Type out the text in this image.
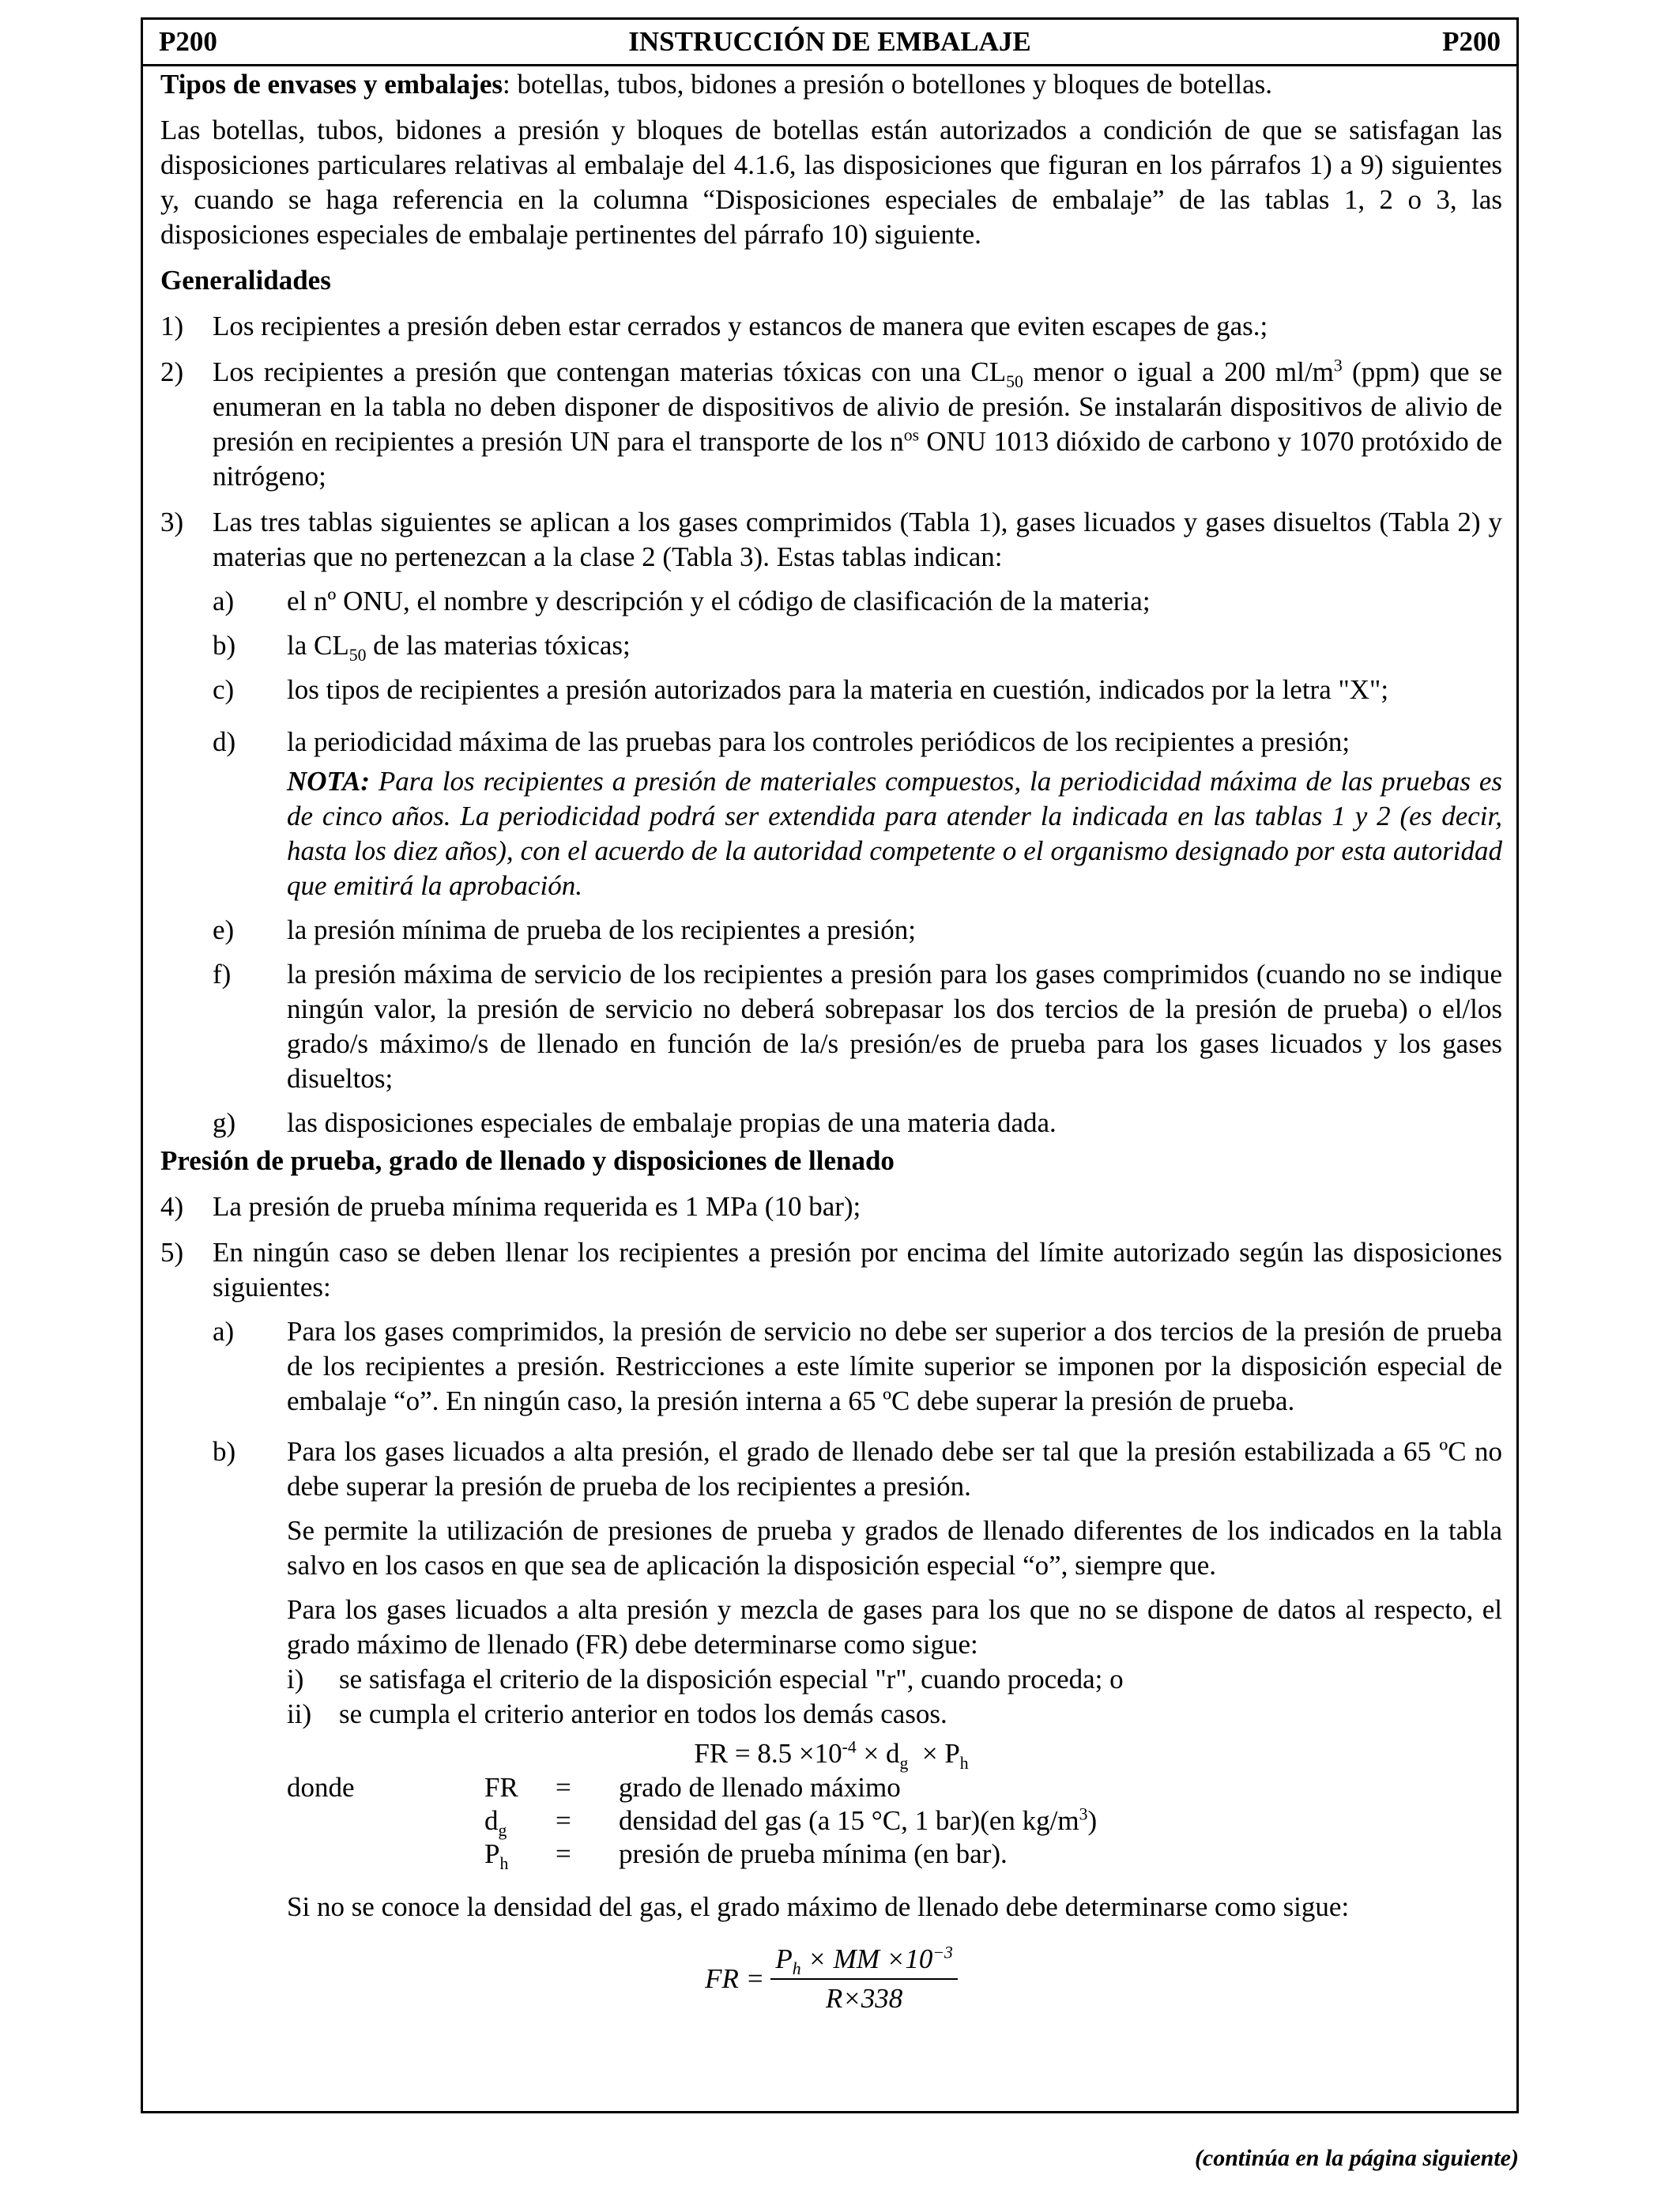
P200	INSTRUCCIÓN DE EMBALAJE	P200

Tipos de envases y embalajes: botellas, tubos, bidones a presión o botellones y bloques de botellas.

Las botellas, tubos, bidones a presión y bloques de botellas están autorizados a condición de que se satisfagan las disposiciones particulares relativas al embalaje del 4.1.6, las disposiciones que figuran en los párrafos 1) a 9) siguientes y, cuando se haga referencia en la columna “Disposiciones especiales de embalaje” de las tablas 1, 2 o 3, las disposiciones especiales de embalaje pertinentes del párrafo 10) siguiente.

Generalidades

1)	Los recipientes a presión deben estar cerrados y estancos de manera que eviten escapes de gas.;
2)	Los recipientes a presión que contengan materias tóxicas con una $CL_{50}$ menor o igual a 200 $ml/m^3$ (ppm) que se enumeran en la tabla no deben disponer de dispositivos de alivio de presión. Se instalarán dispositivos de alivio de presión en recipientes a presión UN para el transporte de los $n^{os}$ ONU 1013 dióxido de carbono y 1070 protóxido de nitrógeno;
3)	Las tres tablas siguientes se aplican a los gases comprimidos (Tabla 1), gases licuados y gases disueltos (Tabla 2) y materias que no pertenezcan a la clase 2 (Tabla 3). Estas tablas indican:
a)	el nº ONU, el nombre y descripción y el código de clasificación de la materia;
b)	la $CL_{50}$ de las materias tóxicas;
c)	los tipos de recipientes a presión autorizados para la materia en cuestión, indicados por la letra "X";
d)	la periodicidad máxima de las pruebas para los controles periódicos de los recipientes a presión;

NOTA: Para los recipientes a presión de materiales compuestos, la periodicidad máxima de las pruebas es de cinco años. La periodicidad podrá ser extendida para atender la indicada en las tablas 1 y 2 (es decir, hasta los diez años), con el acuerdo de la autoridad competente o el organismo designado por esta autoridad que emitirá la aprobación.

e)	la presión mínima de prueba de los recipientes a presión;
f)	la presión máxima de servicio de los recipientes a presión para los gases comprimidos (cuando no se indique ningún valor, la presión de servicio no deberá sobrepasar los dos tercios de la presión de prueba) o el/los grado/s máximo/s de llenado en función de la/s presión/es de prueba para los gases licuados y los gases disueltos;
g)	las disposiciones especiales de embalaje propias de una materia dada.

Presión de prueba, grado de llenado y disposiciones de llenado

4)	La presión de prueba mínima requerida es 1 MPa (10 bar);
5)	En ningún caso se deben llenar los recipientes a presión por encima del límite autorizado según las disposiciones siguientes:
a)	Para los gases comprimidos, la presión de servicio no debe ser superior a dos tercios de la presión de prueba de los recipientes a presión. Restricciones a este límite superior se imponen por la disposición especial de embalaje “o”. En ningún caso, la presión interna a 65 ºC debe superar la presión de prueba.
b)	Para los gases licuados a alta presión, el grado de llenado debe ser tal que la presión estabilizada a 65 ºC no debe superar la presión de prueba de los recipientes a presión.

Se permite la utilización de presiones de prueba y grados de llenado diferentes de los indicados en la tabla salvo en los casos en que sea de aplicación la disposición especial “o”, siempre que.

Para los gases licuados a alta presión y mezcla de gases para los que no se dispone de datos al respecto, el grado máximo de llenado (FR) debe determinarse como sigue:

i)	se satisfaga el criterio de la disposición especial "r", cuando proceda; o
ii) se cumpla el criterio anterior en todos los demás casos.

FR = $8.5 \times 10^{-4} \times d_g \times P_h$

donde	FR	=	grado de llenado máximo
	$d_g$	=	densidad del gas (a 15 °C, 1 bar)(en $kg/m^3$)
	$P_h$	=	presión de prueba mínima (en bar).

Si no se conoce la densidad del gas, el grado máximo de llenado debe determinarse como sigue:

FR = $\frac{P_h \times MM \times 10^{-3}}{R\times 338}$
(continúa en la página siguiente)
